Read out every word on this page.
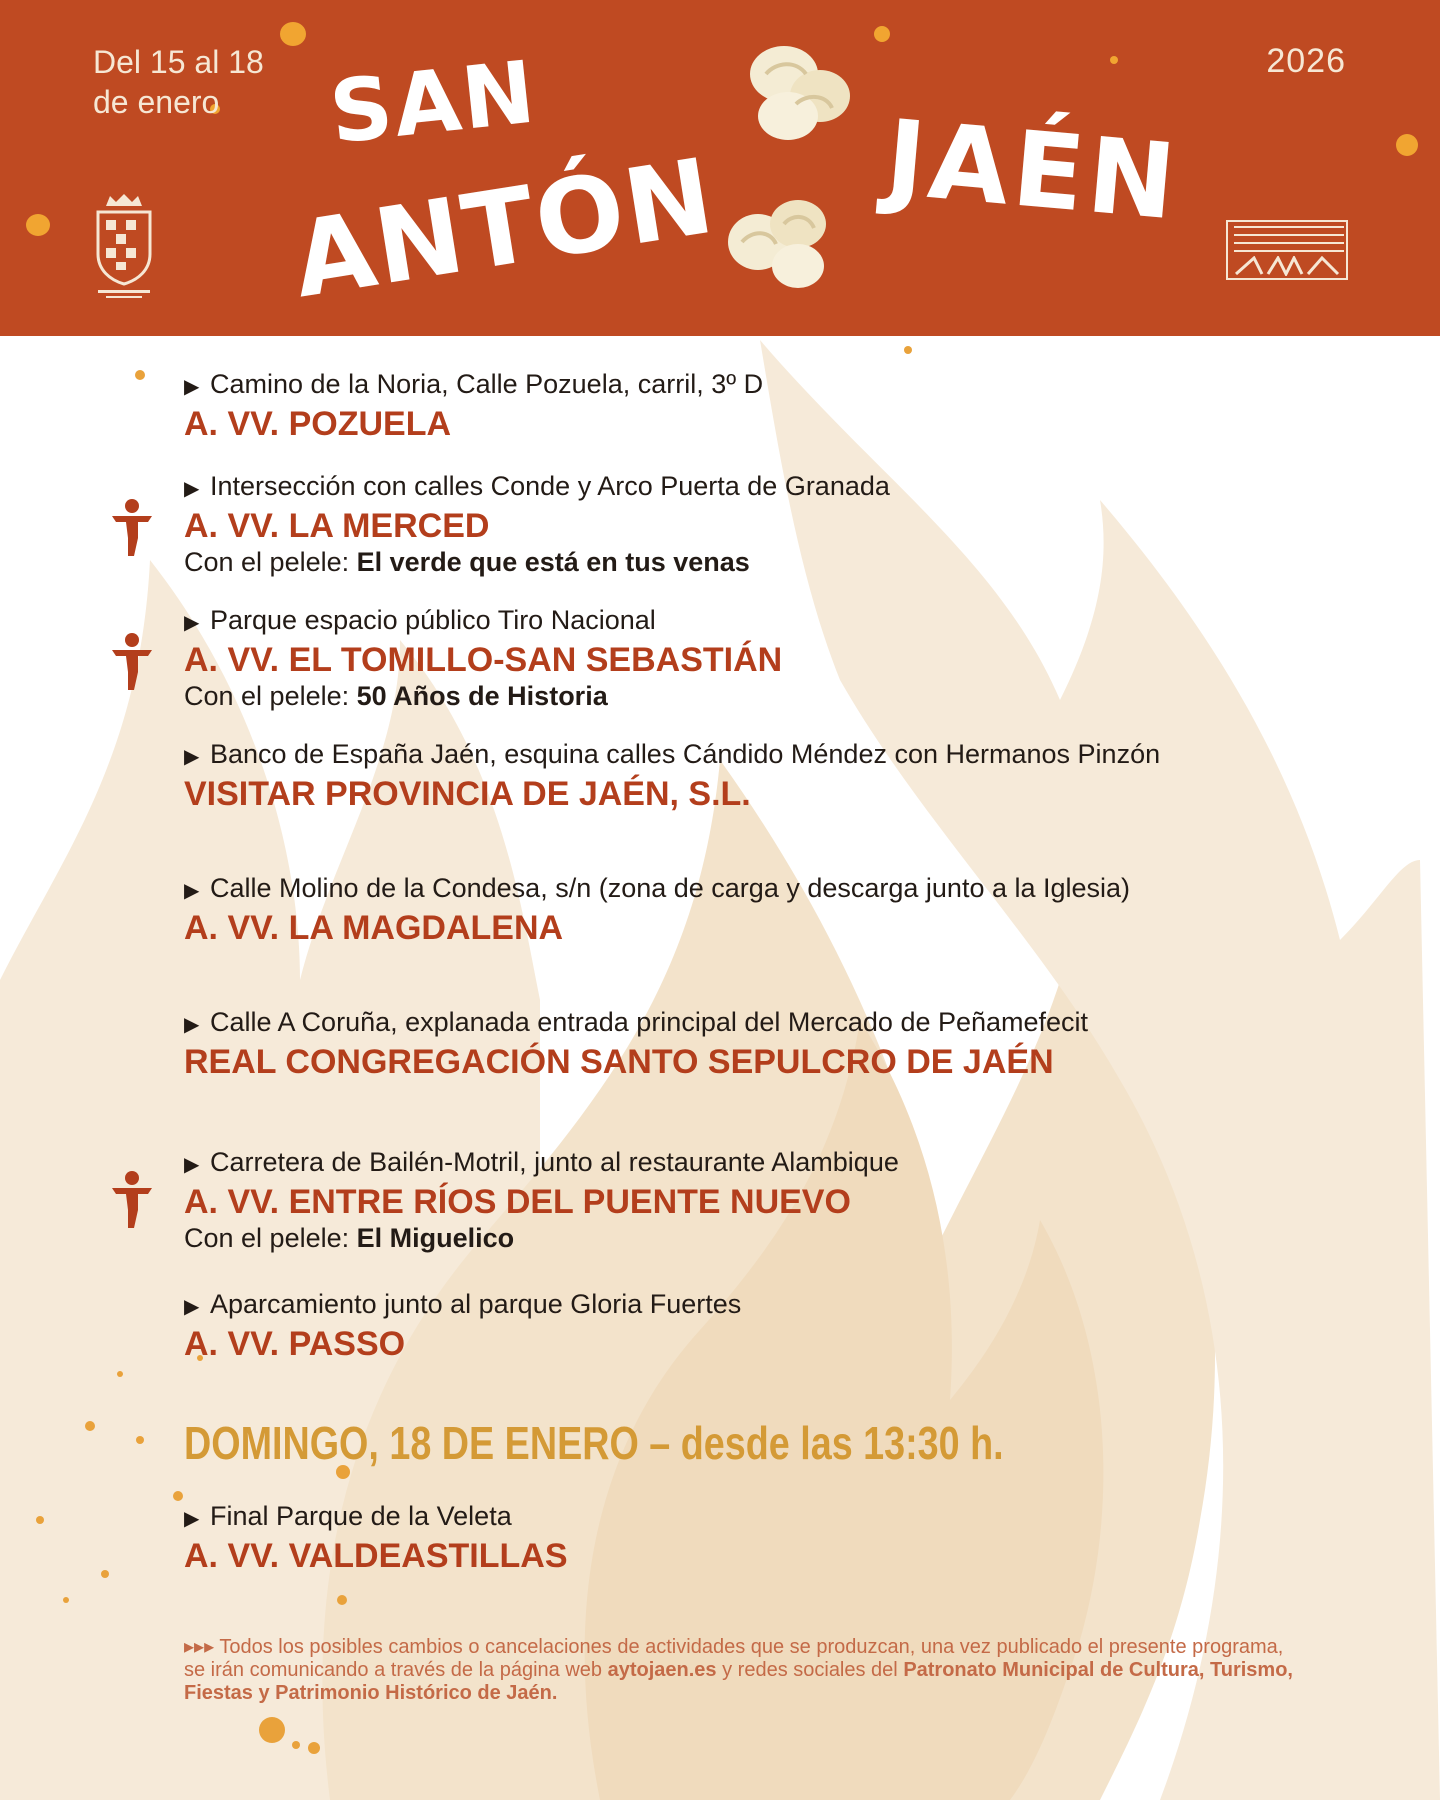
Del 15 al 18
de enero
2026
SAN
ANTÓN JAÉN
▶ Camino de la Noria, Calle Pozuela, carril, 3º D
A. VV. POZUELA
▶ Intersección con calles Conde y Arco Puerta de Granada
A. VV. LA MERCED
Con el pelele: El verde que está en tus venas
▶ Parque espacio público Tiro Nacional
A. VV. EL TOMILLO-SAN SEBASTIÁN
Con el pelele: 50 Años de Historia
▶ Banco de España Jaén, esquina calles Cándido Méndez con Hermanos Pinzón
VISITAR PROVINCIA DE JAÉN, S.L.
▶ Calle Molino de la Condesa, s/n (zona de carga y descarga junto a la Iglesia)
A. VV. LA MAGDALENA
▶ Calle A Coruña, explanada entrada principal del Mercado de Peñamefecit
REAL CONGREGACIÓN SANTO SEPULCRO DE JAÉN
▶ Carretera de Bailén-Motril, junto al restaurante Alambique
A. VV. ENTRE RÍOS DEL PUENTE NUEVO
Con el pelele: El Miguelico
▶ Aparcamiento junto al parque Gloria Fuertes
A. VV. PASSO
▶ Final Parque de la Veleta
A. VV. VALDEASTILLAS
DOMINGO, 18 DE ENERO – desde las 13:30 h.
▸▸▸ Todos los posibles cambios o cancelaciones de actividades que se produzcan, una vez publicado el presente programa, se irán comunicando a través de la página web aytojaen.es y redes sociales del Patronato Municipal de Cultura, Turismo, Fiestas y Patrimonio Histórico de Jaén.
